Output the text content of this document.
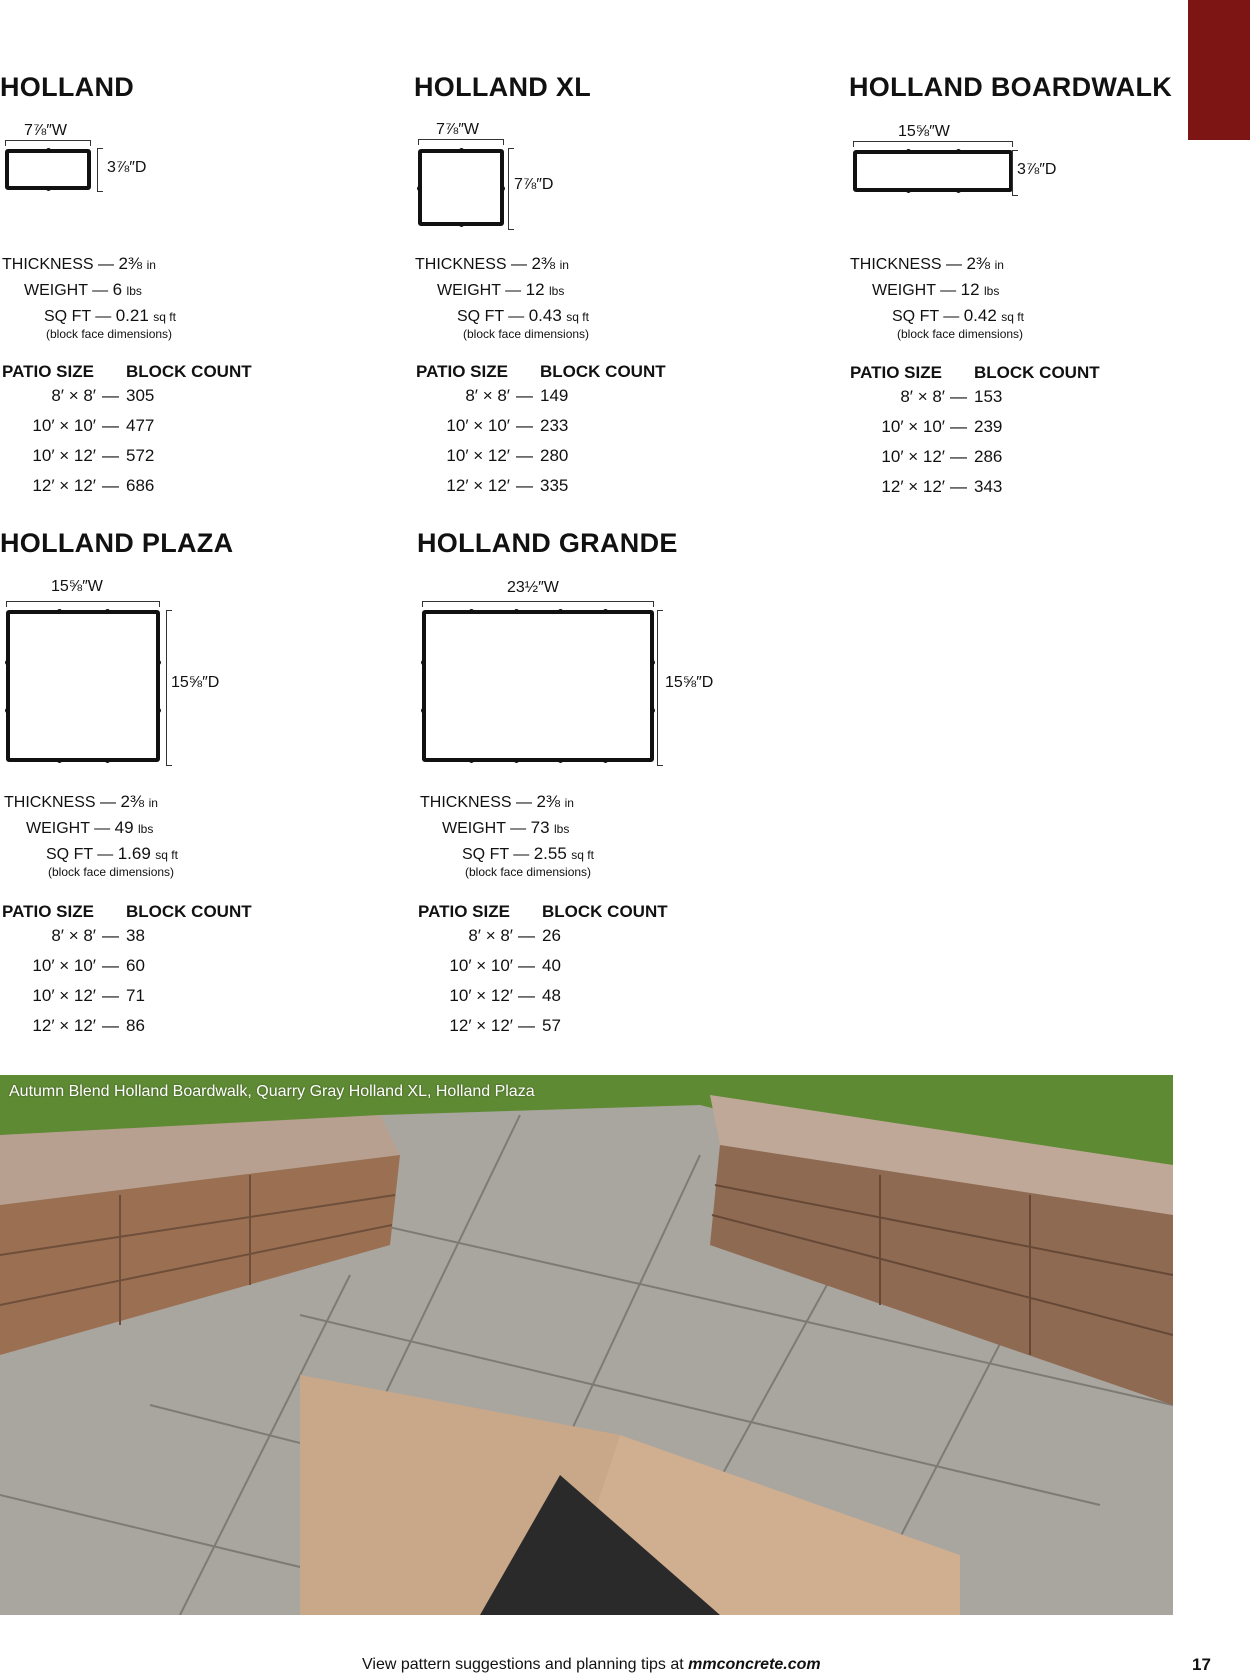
HOLLAND
7⅞″W
3⅞″D
THICKNESS — 2⅜ in
WEIGHT — 6 lbs
SQ FT — 0.21 sq ft
(block face dimensions)
PATIO SIZE BLOCK COUNT
8′ × 8′ — 305
10′ × 10′ — 477
10′ × 12′ — 572
12′ × 12′ — 686
HOLLAND XL
7⅞″W
7⅞″D
THICKNESS — 2⅜ in
WEIGHT — 12 lbs
SQ FT — 0.43 sq ft
(block face dimensions)
PATIO SIZE BLOCK COUNT
8′ × 8′ — 149
10′ × 10′ — 233
10′ × 12′ — 280
12′ × 12′ — 335
HOLLAND BOARDWALK
15⅝″W
3⅞″D
THICKNESS — 2⅜ in
WEIGHT — 12 lbs
SQ FT — 0.42 sq ft
(block face dimensions)
PATIO SIZE BLOCK COUNT
8′ × 8′ — 153
10′ × 10′ — 239
10′ × 12′ — 286
12′ × 12′ — 343
HOLLAND PLAZA
15⅝″W
15⅝″D
THICKNESS — 2⅜ in
WEIGHT — 49 lbs
SQ FT — 1.69 sq ft
(block face dimensions)
PATIO SIZE BLOCK COUNT
8′ × 8′ — 38
10′ × 10′ — 60
10′ × 12′ — 71
12′ × 12′ — 86
HOLLAND GRANDE
23½″W
15⅝″D
THICKNESS — 2⅜ in
WEIGHT — 73 lbs
SQ FT — 2.55 sq ft
(block face dimensions)
PATIO SIZE BLOCK COUNT
8′ × 8′ — 26
10′ × 10′ — 40
10′ × 12′ — 48
12′ × 12′ — 57
Autumn Blend Holland Boardwalk, Quarry Gray Holland XL, Holland Plaza
View pattern suggestions and planning tips at mmconcrete.com	17
